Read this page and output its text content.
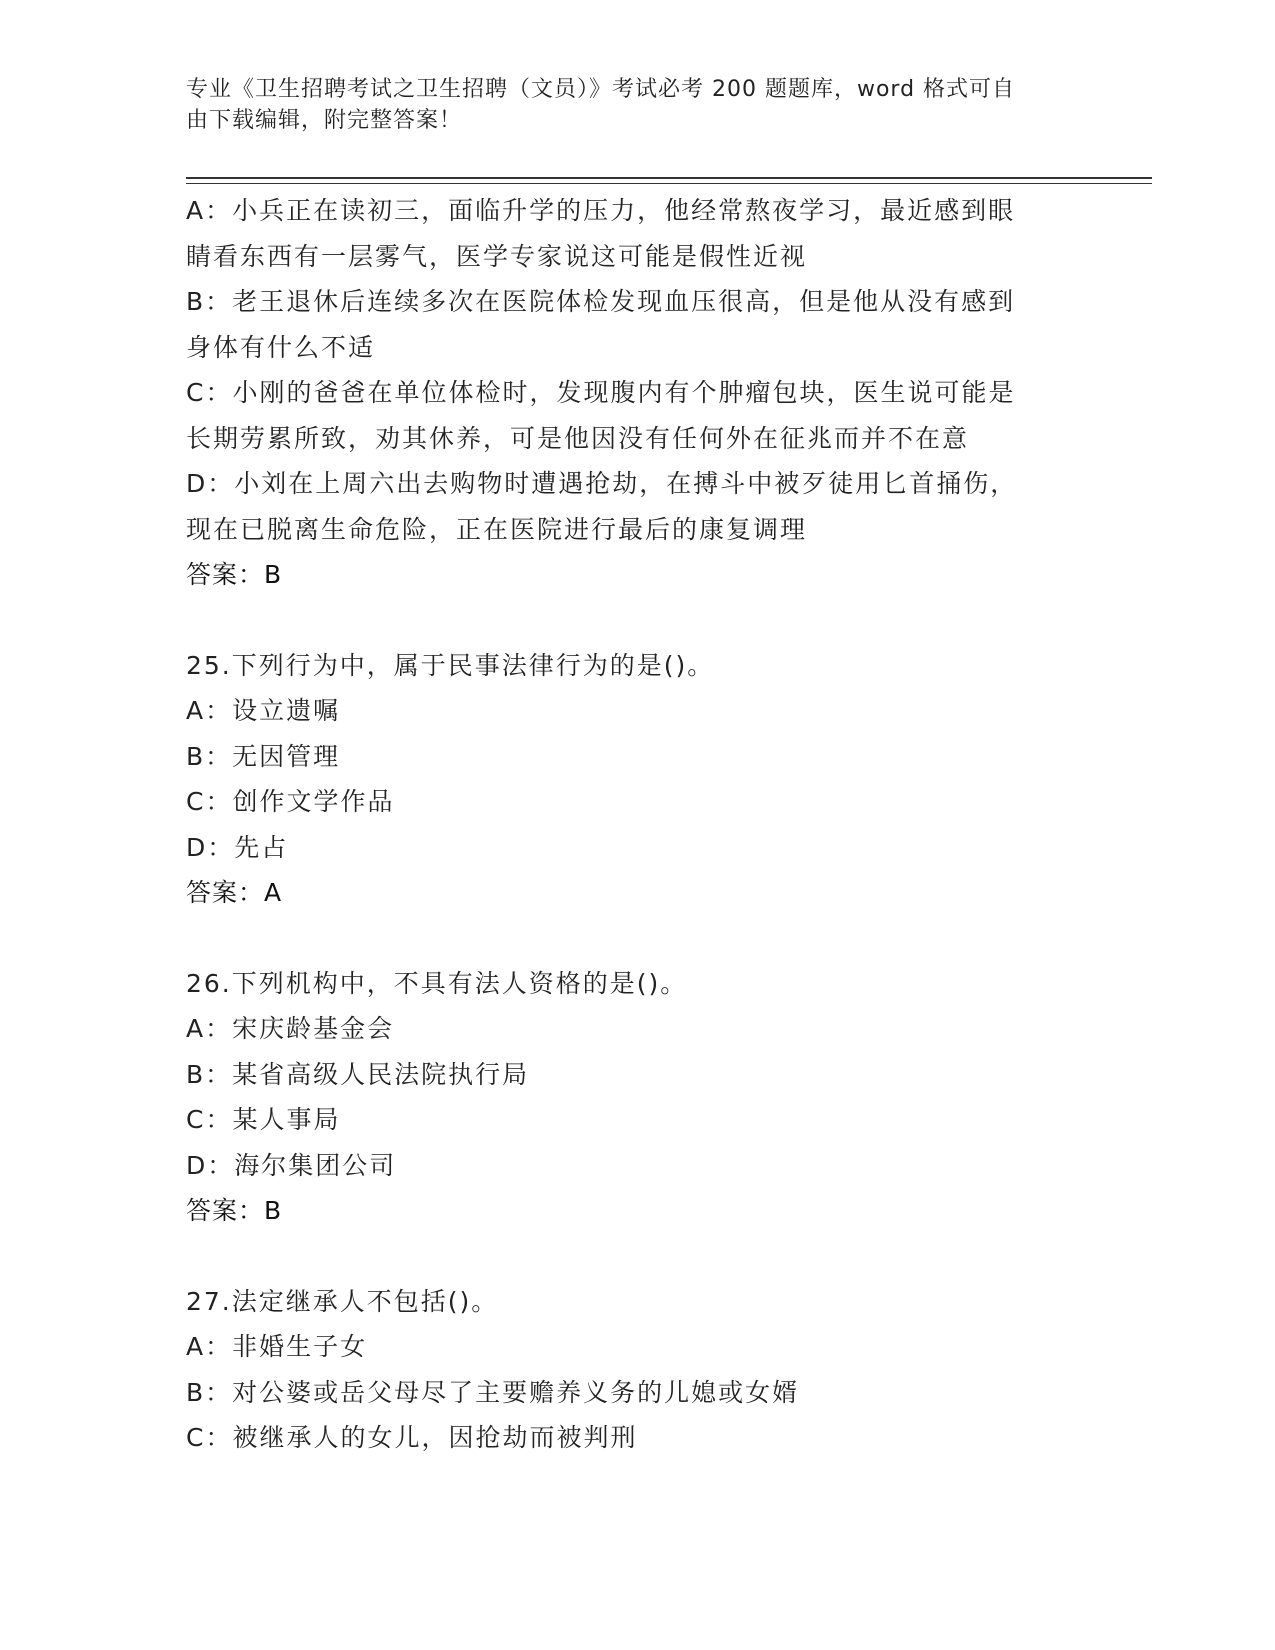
专业《卫生招聘考试之卫生招聘（文员）》考试必考 200 题题库，word 格式可自
由下载编辑，附完整答案！
A：小兵正在读初三，面临升学的压力，他经常熬夜学习，最近感到眼
睛看东西有一层雾气，医学专家说这可能是假性近视
B：老王退休后连续多次在医院体检发现血压很高，但是他从没有感到
身体有什么不适
C：小刚的爸爸在单位体检时，发现腹内有个肿瘤包块，医生说可能是
长期劳累所致，劝其休养，可是他因没有任何外在征兆而并不在意
D：小刘在上周六出去购物时遭遇抢劫，在搏斗中被歹徒用匕首捅伤，
现在已脱离生命危险，正在医院进行最后的康复调理
答案：B
25.下列行为中，属于民事法律行为的是()。
A：设立遗嘱
B：无因管理
C：创作文学作品
D：先占
答案：A
26.下列机构中，不具有法人资格的是()。
A：宋庆龄基金会
B：某省高级人民法院执行局
C：某人事局
D：海尔集团公司
答案：B
27.法定继承人不包括()。
A：非婚生子女
B：对公婆或岳父母尽了主要赡养义务的儿媳或女婿
C：被继承人的女儿，因抢劫而被判刑
